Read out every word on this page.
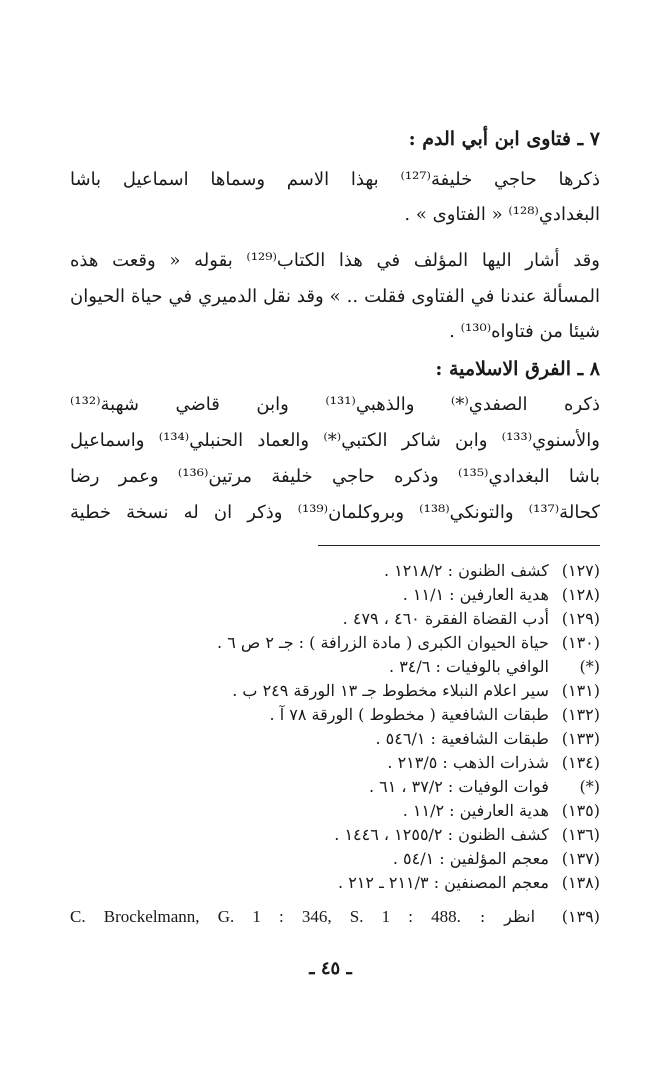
٧ ـ فتاوى ابن أبي الدم :
ذكرها حاجي خليفة⁽¹²⁷⁾ بهذا الاسم وسماها اسماعيل باشا
البغدادي⁽¹²⁸⁾ « الفتاوى » .
وقد أشار اليها المؤلف في هذا الكتاب⁽¹²⁹⁾ بقوله « وقعت هذه
المسألة عندنا في الفتاوى فقلت .. » وقد نقل الدميري في حياة الحيوان
شيئا من فتاواه⁽¹³⁰⁾ .
٨ ـ الفرق الاسلامية :
ذكره الصفدي⁽*⁾ والذهبي⁽¹³¹⁾ وابن قاضي شهبة⁽¹³²⁾
والأسنوي⁽¹³³⁾ وابن شاكر الكتبي⁽*⁾ والعماد الحنبلي⁽¹³⁴⁾ واسماعيل
باشا البغدادي⁽¹³⁵⁾ وذكره حاجي خليفة مرتين⁽¹³⁶⁾ وعمر رضا
كحالة⁽¹³⁷⁾ والتونكي⁽¹³⁸⁾ وبروكلمان⁽¹³⁹⁾ وذكر ان له نسخة خطية
(١٢٧) كشف الظنون : ١٢١٨/٢ .
(١٢٨) هدية العارفين : ١١/١ .
(١٢٩) أدب القضاة الفقرة ٤٦٠ ، ٤٧٩ .
(١٣٠) حياة الحيوان الكبرى ( مادة الزرافة ) : جـ ٢ ص ٦ .
(*) الوافي بالوفيات : ٣٤/٦ .
(١٣١) سير اعلام النبلاء مخطوط جـ ١٣ الورقة ٢٤٩ ب .
(١٣٢) طبقات الشافعية ( مخطوط ) الورقة ٧٨ آ .
(١٣٣) طبقات الشافعية : ٥٤٦/١ .
(١٣٤) شذرات الذهب : ٢١٣/٥ .
(*) فوات الوفيات : ٣٧/٢ ، ٦١ .
(١٣٥) هدية العارفين : ١١/٢ .
(١٣٦) كشف الظنون : ١٢٥٥/٢ ، ١٤٤٦ .
(١٣٧) معجم المؤلفين : ٥٤/١ .
(١٣٨) معجم المصنفين : ٢١١/٣ ـ ٢١٢ .
(١٣٩) انظر : C. Brockelmann, G. 1 : 346, S. 1 : 488.
ـ ٤٥ ـ
